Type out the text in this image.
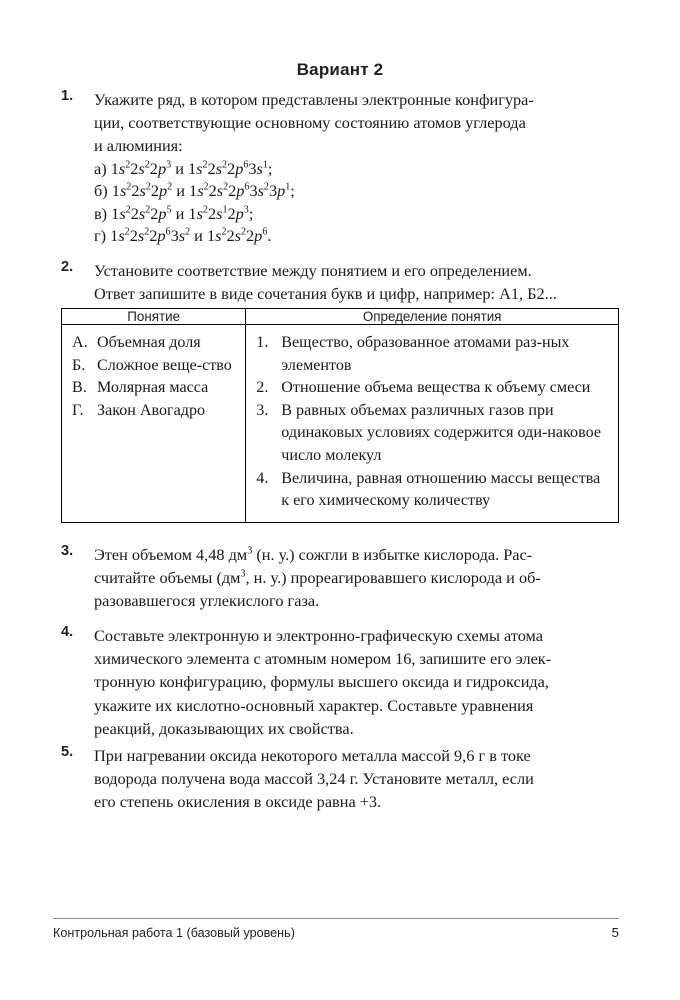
Вариант 2
1.	Укажите ряд, в котором представлены электронные конфигура-
ции, соответствующие основному состоянию атомов углерода
и алюминия:
а) $1s^22s^22p^3$ и $1s^22s^22p^63s^1$;
б) $1s^22s^22p^2$ и $1s^22s^22p^63s^23p^1$;
в) $1s^22s^22p^5$ и $1s^22s^12p^3$;
г) $1s^22s^22p^63s^2$ и $1s^22s^22p^6$.
2.	Установите соответствие между понятием и его определением.
Ответ запишите в виде сочетания букв и цифр, например: А1, Б2...
Понятие	Определение понятия

А. Объемная доля
Б. Сложное веще-ство
В. Молярная масса
Г. Закон Авогадро

1. Вещество, образованное атомами раз-ных элементов
2. Отношение объема вещества к объему смеси
3. В равных объемах различных газов при одинаковых условиях содержится оди-наковое число молекул
4. Величина, равная отношению массы вещества к его химическому количеству
3.	Этен объемом 4,48 $дм^3$ (н. у.) сожгли в избытке кислорода. Рас-
считайте объемы ($дм^3$, н. у.) прореагировавшего кислорода и об-
разовавшегося углекислого газа.
4.	Составьте электронную и электронно-графическую схемы атома
химического элемента с атомным номером 16, запишите его элек-
тронную конфигурацию, формулы высшего оксида и гидроксида,
укажите их кислотно-основный характер. Составьте уравнения
реакций, доказывающих их свойства.
5.	При нагревании оксида некоторого металла массой 9,6 г в токе
водорода получена вода массой 3,24 г. Установите металл, если
его степень окисления в оксиде равна +3.
Контрольная работа 1 (базовый уровень)	5
